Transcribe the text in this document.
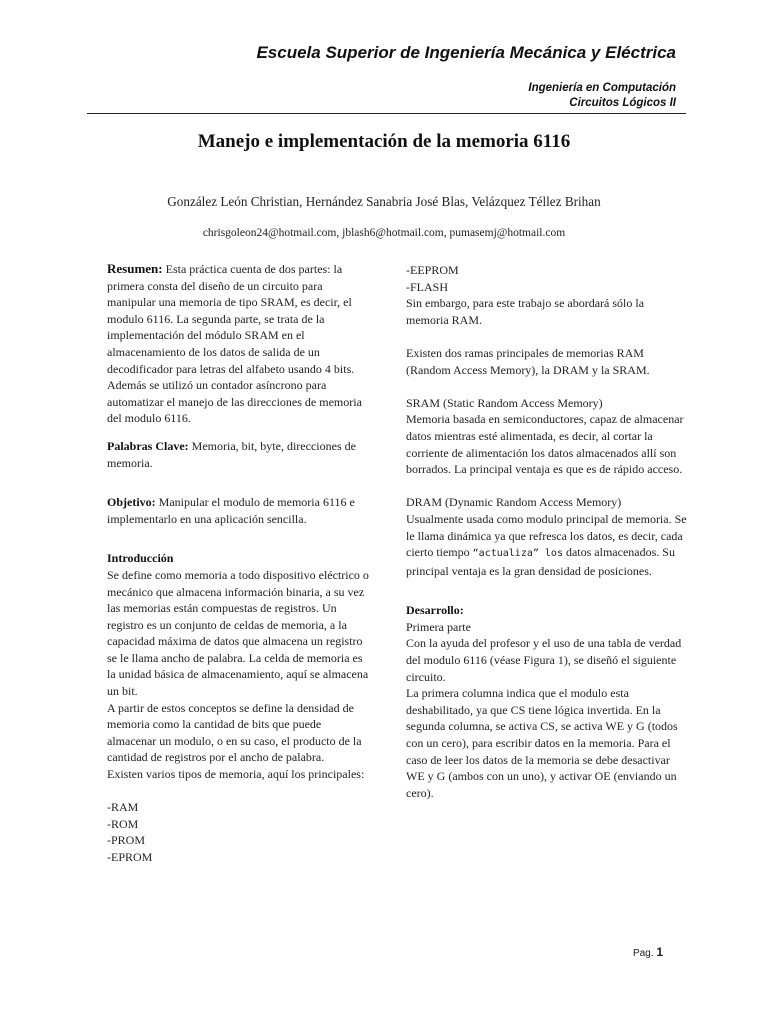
Escuela Superior de Ingeniería Mecánica y Eléctrica
Ingeniería en Computación
Circuitos Lógicos II
Manejo e implementación de la memoria 6116
González León Christian, Hernández Sanabria José Blas, Velázquez Téllez Brihan
chrisgoleon24@hotmail.com, jblash6@hotmail.com, pumasemj@hotmail.com

Resumen: Esta práctica cuenta de dos partes: la primera consta del diseño de un circuito para manipular una memoria de tipo SRAM, es decir, el modulo 6116. La segunda parte, se trata de la implementación del módulo SRAM en el almacenamiento de los datos de salida de un decodificador para letras del alfabeto usando 4 bits. Además se utilizó un contador asíncrono para automatizar el manejo de las direcciones de memoria del modulo 6116.

Palabras Clave: Memoria, bit, byte, direcciones de memoria.

Objetivo: Manipular el modulo de memoria 6116 e implementarlo en una aplicación sencilla.

Introducción

Se define como memoria a todo dispositivo eléctrico o mecánico que almacena información binaria, a su vez las memorias están compuestas de registros. Un registro es un conjunto de celdas de memoria, a la capacidad máxima de datos que almacena un registro se le llama ancho de palabra. La celda de memoria es la unidad básica de almacenamiento, aquí se almacena un bit.

A partir de estos conceptos se define la densidad de memoria como la cantidad de bits que puede almacenar un modulo, o en su caso, el producto de la cantidad de registros por el ancho de palabra.

Existen varios tipos de memoria, aquí los principales:

-RAM

-ROM

-PROM

-EPROM

-EEPROM

-FLASH

Sin embargo, para este trabajo se abordará sólo la memoria RAM.

Existen dos ramas principales de memorias RAM (Random Access Memory), la DRAM y la SRAM.

SRAM (Static Random Access Memory)

Memoria basada en semiconductores, capaz de almacenar datos mientras esté alimentada, es decir, al cortar la corriente de alimentación los datos almacenados allí son borrados. La principal ventaja es que es de rápido acceso.

DRAM (Dynamic Random Access Memory)

Usualmente usada como modulo principal de memoria. Se le llama dinámica ya que refresca los datos, es decir, cada cierto tiempo “actualiza” los datos almacenados. Su principal ventaja es la gran densidad de posiciones.

Desarrollo:

Primera parte

Con la ayuda del profesor y el uso de una tabla de verdad del modulo 6116 (véase Figura 1), se diseñó el siguiente circuito.

La primera columna indica que el modulo esta deshabilitado, ya que CS tiene lógica invertida. En la segunda columna, se activa CS, se activa WE y G (todos con un cero), para escribir datos en la memoria. Para el caso de leer los datos de la memoria se debe desactivar WE y G (ambos con un uno), y activar OE (enviando un cero).

Pag. 1
